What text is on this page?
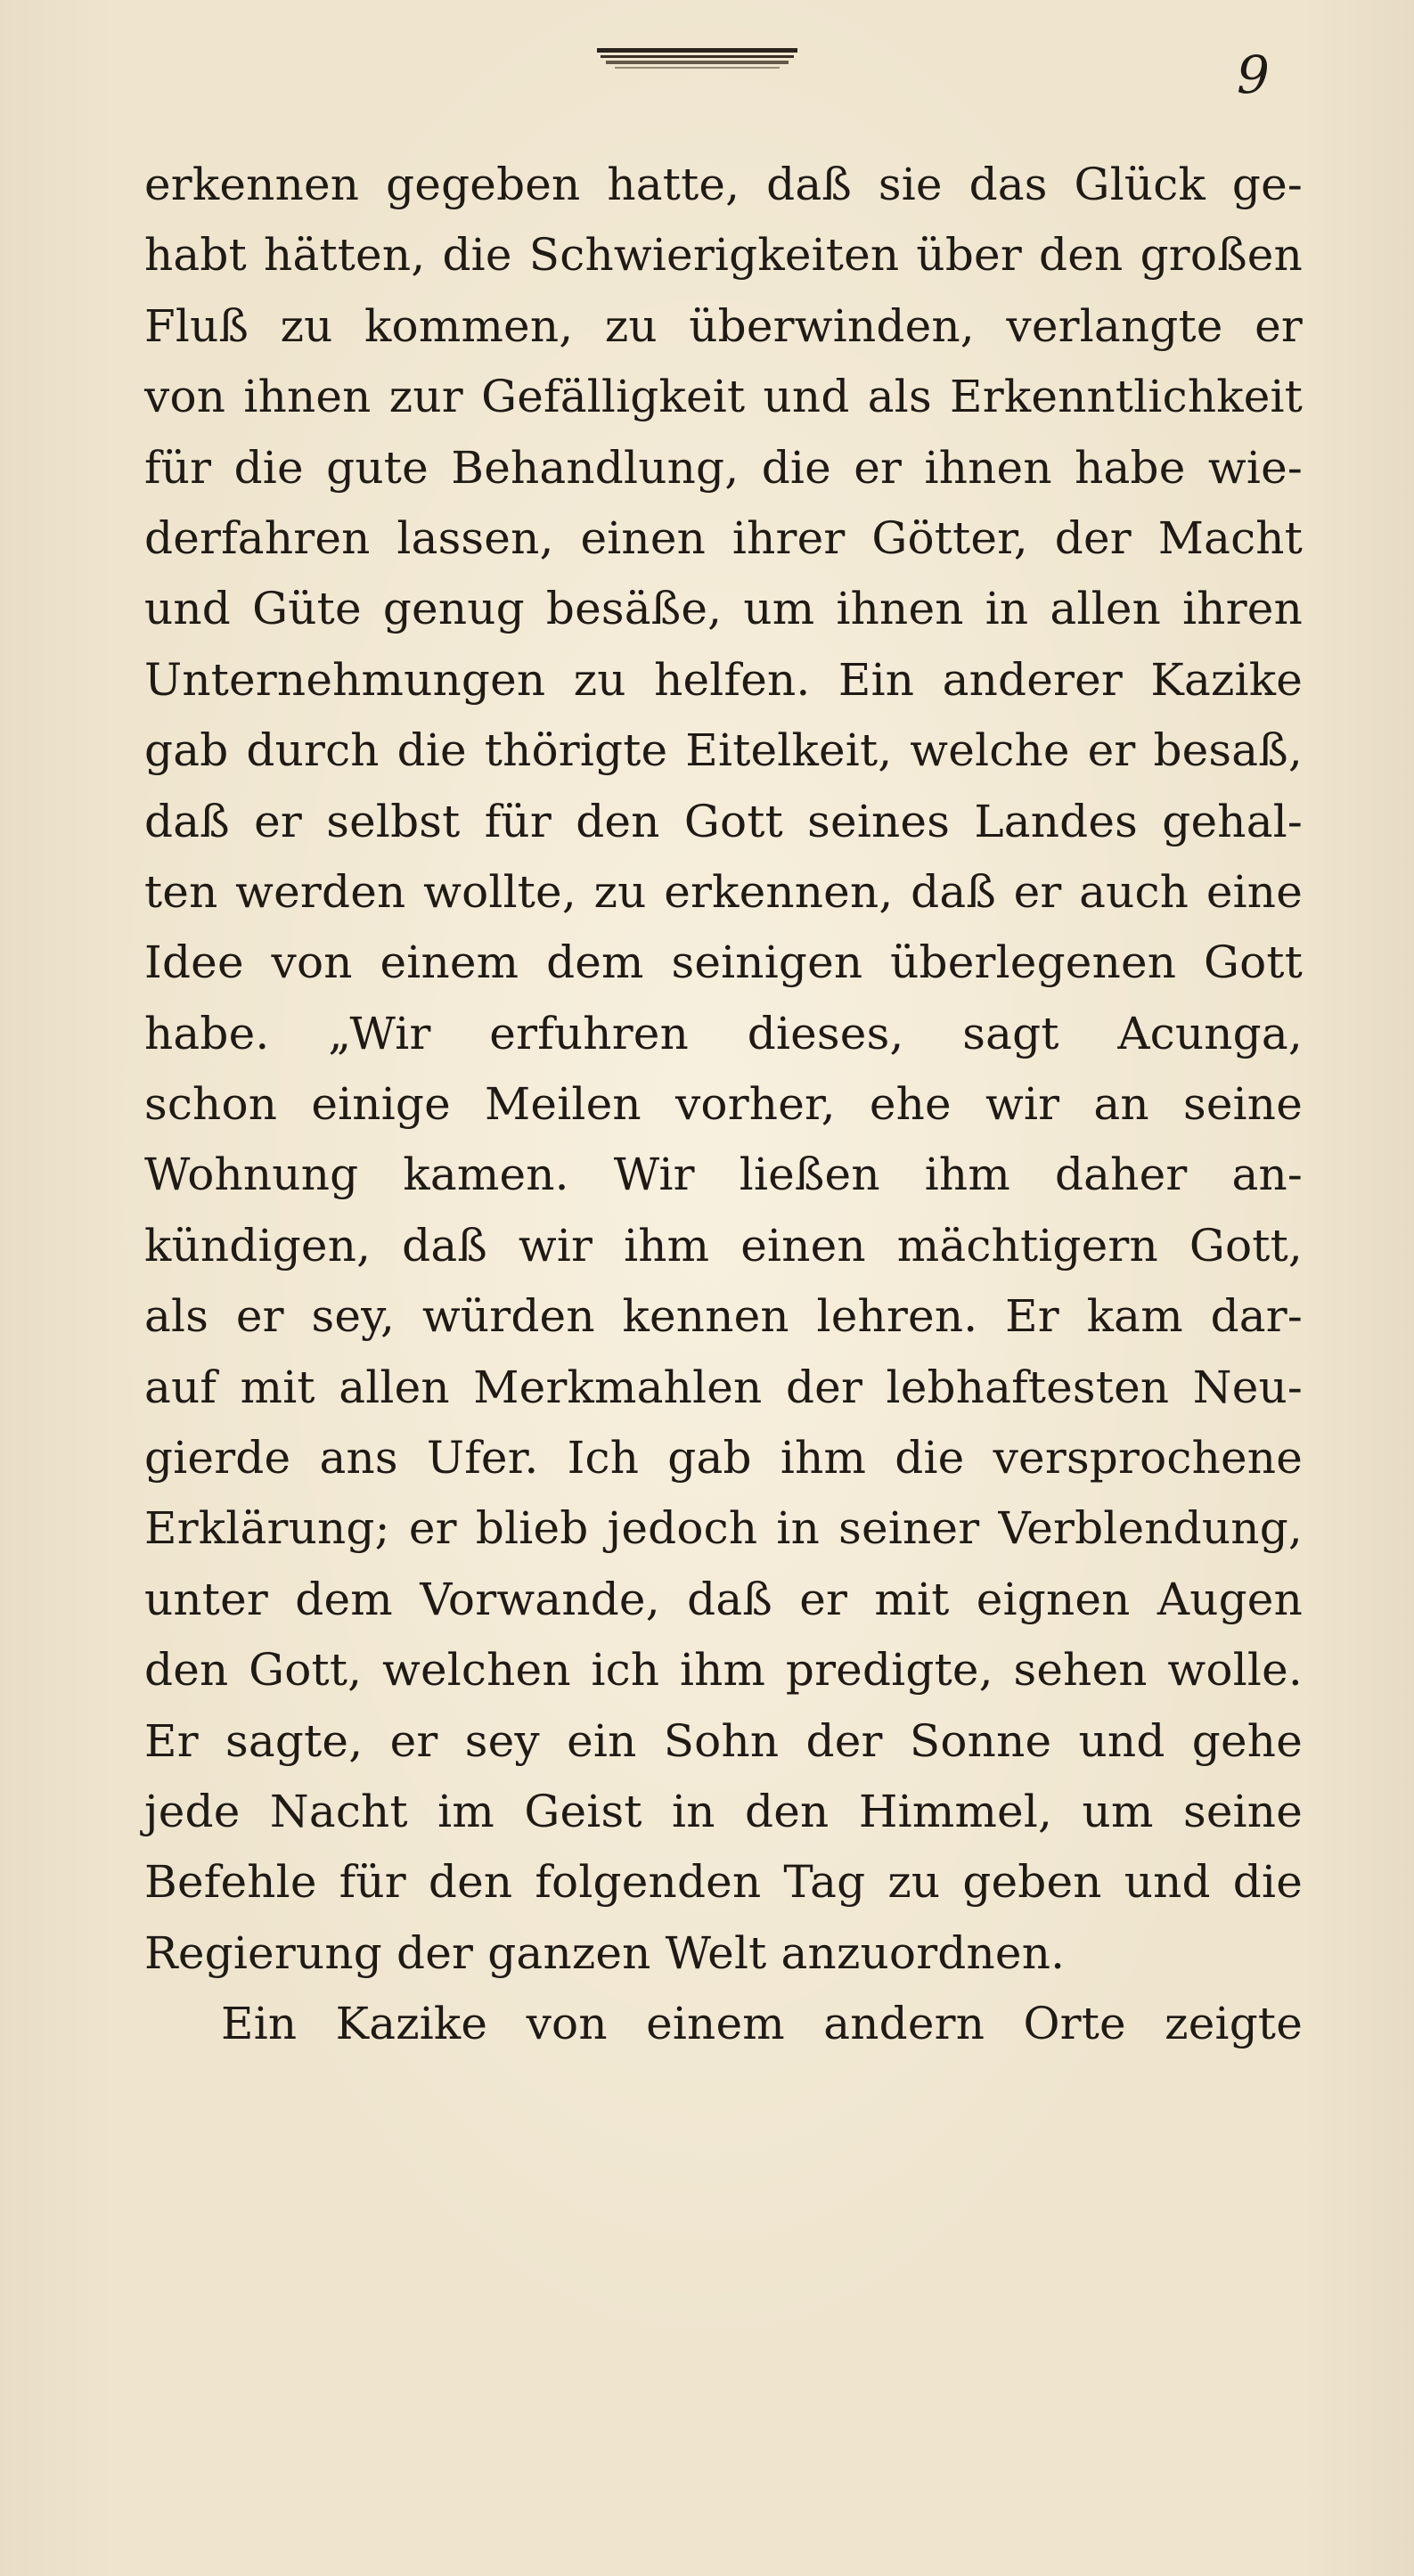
9
erkennen gegeben hatte, daß sie das Glück ge-
habt hätten, die Schwierigkeiten über den großen
Fluß zu kommen, zu überwinden, verlangte er
von ihnen zur Gefälligkeit und als Erkenntlichkeit
für die gute Behandlung, die er ihnen habe wie-
derfahren lassen, einen ihrer Götter, der Macht
und Güte genug besäße, um ihnen in allen ihren
Unternehmungen zu helfen. Ein anderer Kazike
gab durch die thörigte Eitelkeit, welche er besaß,
daß er selbst für den Gott seines Landes gehal-
ten werden wollte, zu erkennen, daß er auch eine
Idee von einem dem seinigen überlegenen Gott
habe. „Wir erfuhren dieses, sagt Acunga,
schon einige Meilen vorher, ehe wir an seine
Wohnung kamen. Wir ließen ihm daher an-
kündigen, daß wir ihm einen mächtigern Gott,
als er sey, würden kennen lehren. Er kam dar-
auf mit allen Merkmahlen der lebhaftesten Neu-
gierde ans Ufer. Ich gab ihm die versprochene
Erklärung; er blieb jedoch in seiner Verblendung,
unter dem Vorwande, daß er mit eignen Augen
den Gott, welchen ich ihm predigte, sehen wolle.
Er sagte, er sey ein Sohn der Sonne und gehe
jede Nacht im Geist in den Himmel, um seine
Befehle für den folgenden Tag zu geben und die
Regierung der ganzen Welt anzuordnen.
Ein Kazike von einem andern Orte zeigte
